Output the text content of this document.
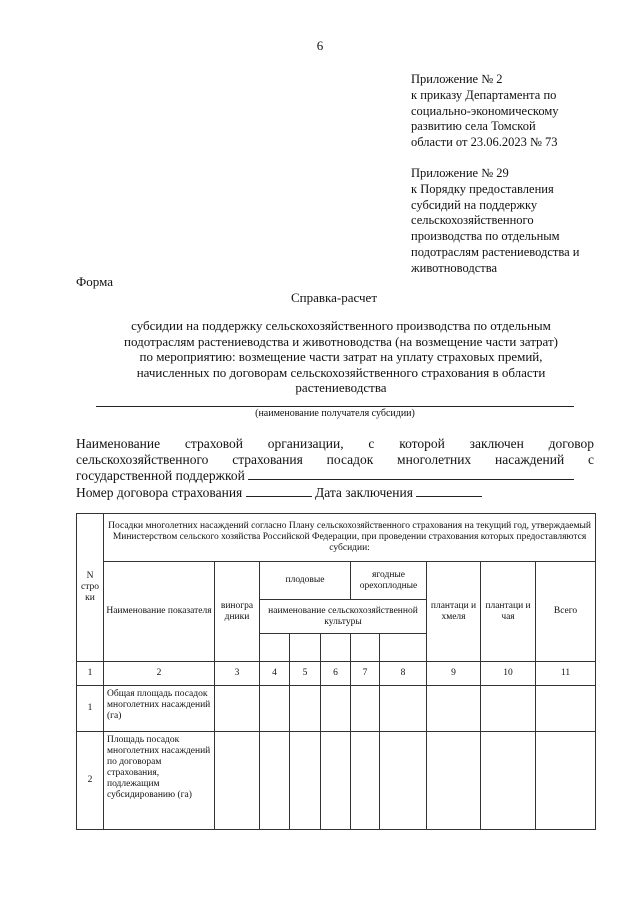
6
Приложение № 2
к приказу Департамента по
социально-экономическому
развитию села Томской
области от 23.06.2023 № 73
Приложение № 29
к Порядку предоставления
субсидий на поддержку
сельскохозяйственного
производства по отдельным
подотраслям растениеводства и
животноводства
Форма
Справка-расчет
субсидии на поддержку сельскохозяйственного производства по отдельным
подотраслям растениеводства и животноводства (на возмещение части затрат)
по мероприятию: возмещение части затрат на уплату страховых премий,
начисленных по договорам сельскохозяйственного страхования в области
растениеводства
(наименование получателя субсидии)
Наименование страховой организации, с которой заключен договор
сельскохозяйственного страхования посадок многолетних насаждений с
государственной поддержкой
Номер договора страхования	Дата заключения
N стро ки	Посадки многолетних насаждений согласно Плану сельскохозяйственного страхования на текущий год, утверждаемый Министерством сельского хозяйства Российской Федерации, при проведении страхования которых предоставляются субсидии:									
	Наименование показателя	виногра дники	плодовые			ягодные орехоплодные		плантаци и хмеля	плантаци и чая	Всего
			наименование сельскохозяйственной культуры							

1	2	3	4	5	6	7	8	9	10	11
1	Общая площадь посадок многолетних насаждений (га)									
2	Площадь посадок многолетних насаждений по договорам страхования, подлежащим субсидированию (га)									
